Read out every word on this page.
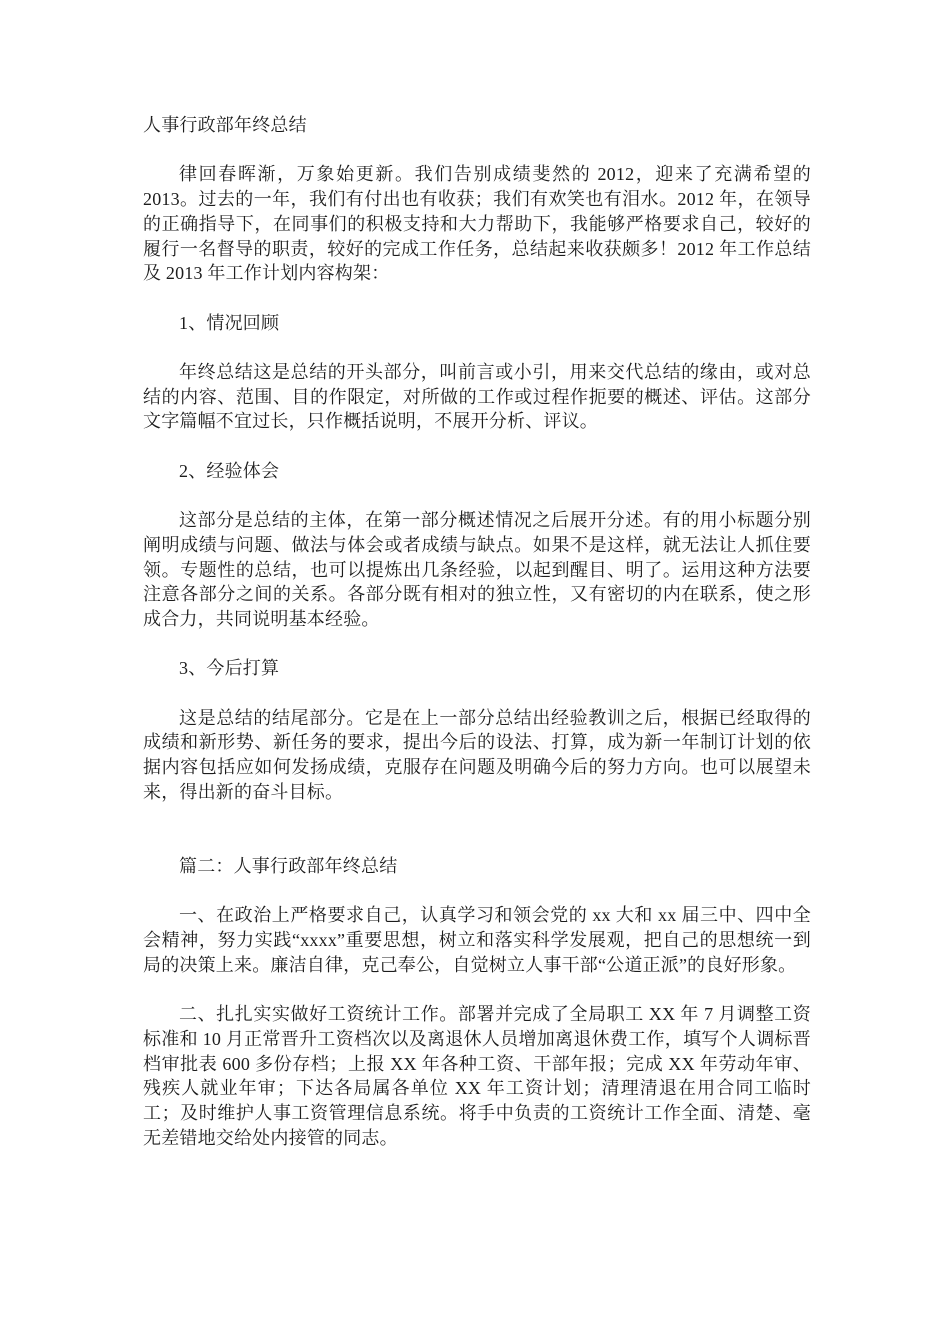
人事行政部年终总结

律回春晖渐，万象始更新。我们告别成绩斐然的 2012，迎来了充满希望的 2013。过去的一年，我们有付出也有收获；我们有欢笑也有泪水。2012 年，在领导的正确指导下，在同事们的积极支持和大力帮助下，我能够严格要求自己，较好的履行一名督导的职责，较好的完成工作任务，总结起来收获颇多！2012 年工作总结及 2013 年工作计划内容构架：

1、情况回顾

年终总结这是总结的开头部分，叫前言或小引，用来交代总结的缘由，或对总结的内容、范围、目的作限定，对所做的工作或过程作扼要的概述、评估。这部分文字篇幅不宜过长，只作概括说明，不展开分析、评议。

2、经验体会

这部分是总结的主体，在第一部分概述情况之后展开分述。有的用小标题分别阐明成绩与问题、做法与体会或者成绩与缺点。如果不是这样，就无法让人抓住要领。专题性的总结，也可以提炼出几条经验，以起到醒目、明了。运用这种方法要注意各部分之间的关系。各部分既有相对的独立性，又有密切的内在联系，使之形成合力，共同说明基本经验。

3、今后打算

这是总结的结尾部分。它是在上一部分总结出经验教训之后，根据已经取得的成绩和新形势、新任务的要求，提出今后的设法、打算，成为新一年制订计划的依据内容包括应如何发扬成绩，克服存在问题及明确今后的努力方向。也可以展望未来，得出新的奋斗目标。

篇二：人事行政部年终总结

一、在政治上严格要求自己，认真学习和领会党的 xx 大和 xx 届三中、四中全会精神，努力实践“xxxx”重要思想，树立和落实科学发展观，把自己的思想统一到局的决策上来。廉洁自律，克己奉公，自觉树立人事干部“公道正派”的良好形象。

二、扎扎实实做好工资统计工作。部署并完成了全局职工 XX 年 7 月调整工资标准和 10 月正常晋升工资档次以及离退休人员增加离退休费工作，填写个人调标晋档审批表 600 多份存档；上报 XX 年各种工资、干部年报；完成 XX 年劳动年审、残疾人就业年审；下达各局属各单位 XX 年工资计划；清理清退在用合同工临时工；及时维护人事工资管理信息系统。将手中负责的工资统计工作全面、清楚、毫无差错地交给处内接管的同志。
